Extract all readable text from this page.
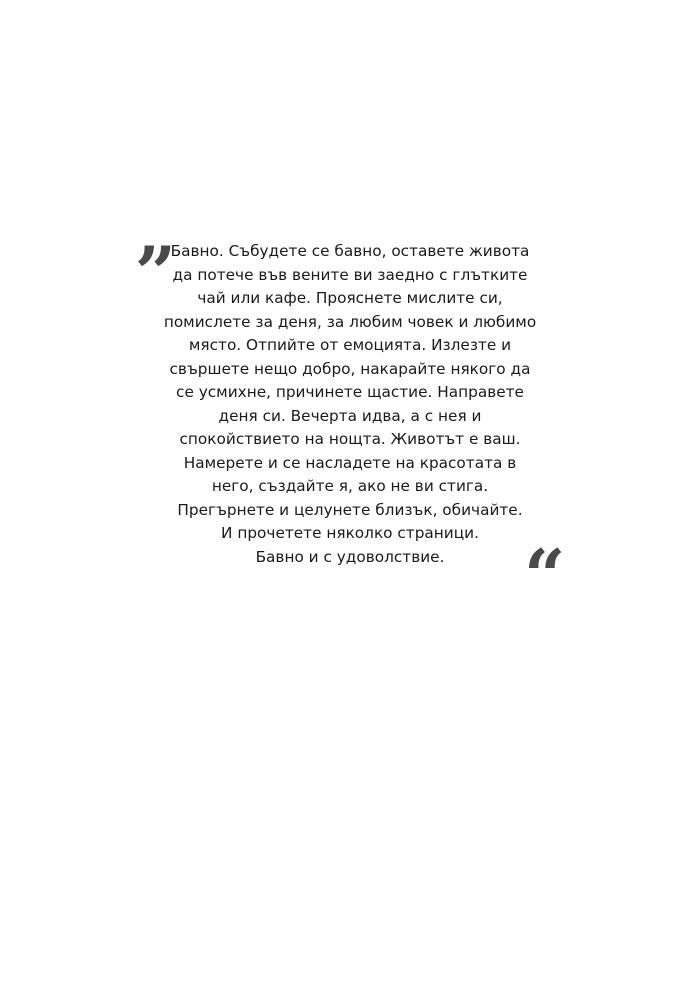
„

Бавно. Събудете се бавно, оставете живота
да потече във вените ви заедно с глътките
чай или кафе. Прояснете мислите си,
помислете за деня, за любим човек и любимо
място. Отпийте от емоцията. Излезте и
свършете нещо добро, накарайте някого да
се усмихне, причинете щастие. Направете
деня си. Вечерта идва, а с нея и
спокойствието на нощта. Животът е ваш.
Намерете и се насладете на красотата в
него, създайте я, ако не ви стига.
Прегърнете и целунете близък, обичайте.
И прочетете няколко страници.
Бавно и с удоволствие.	“
